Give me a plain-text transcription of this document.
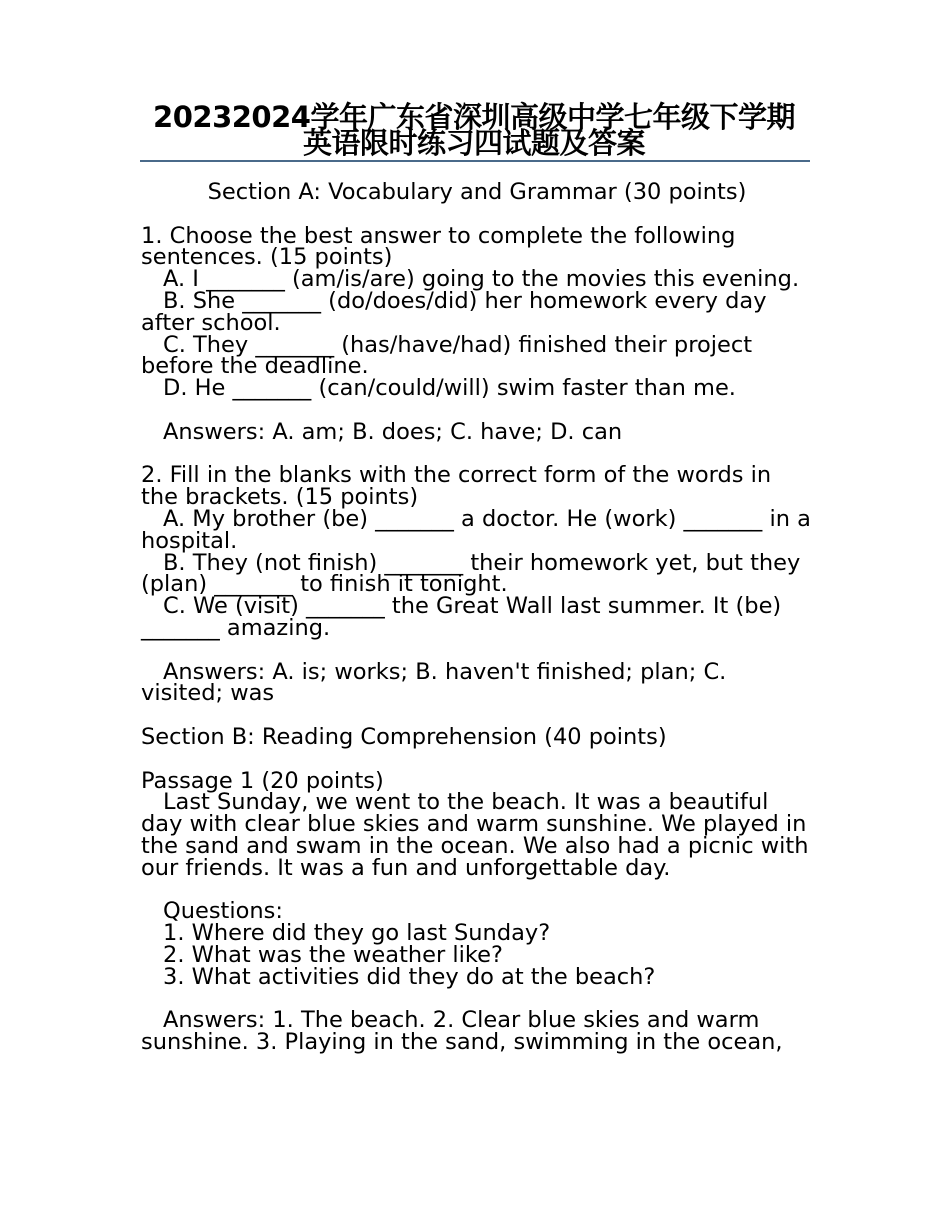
20232024学年广东省深圳高级中学七年级下学期英语限时练习四试题及答案

Section A: Vocabulary and Grammar (30 points)

1. Choose the best answer to complete the following sentences. (15 points)

A. I _______ (am/is/are) going to the movies this evening.

B. She _______ (do/does/did) her homework every day after school.

C. They _______ (has/have/had) finished their project before the deadline.

D. He _______ (can/could/will) swim faster than me.

Answers: A. am; B. does; C. have; D. can

2. Fill in the blanks with the correct form of the words in the brackets. (15 points)

A. My brother (be) _______ a doctor. He (work) _______ in a hospital.

B. They (not finish) _______ their homework yet, but they (plan) _______ to finish it tonight.

C. We (visit) _______ the Great Wall last summer. It (be) _______ amazing.

Answers: A. is; works; B. haven't finished; plan; C. visited; was

Section B: Reading Comprehension (40 points)

Passage 1 (20 points)

Last Sunday, we went to the beach. It was a beautiful day with clear blue skies and warm sunshine. We played in the sand and swam in the ocean. We also had a picnic with our friends. It was a fun and unforgettable day.

Questions:

1. Where did they go last Sunday?

2. What was the weather like?

3. What activities did they do at the beach?

Answers: 1. The beach. 2. Clear blue skies and warm sunshine. 3. Playing in the sand, swimming in the ocean,
